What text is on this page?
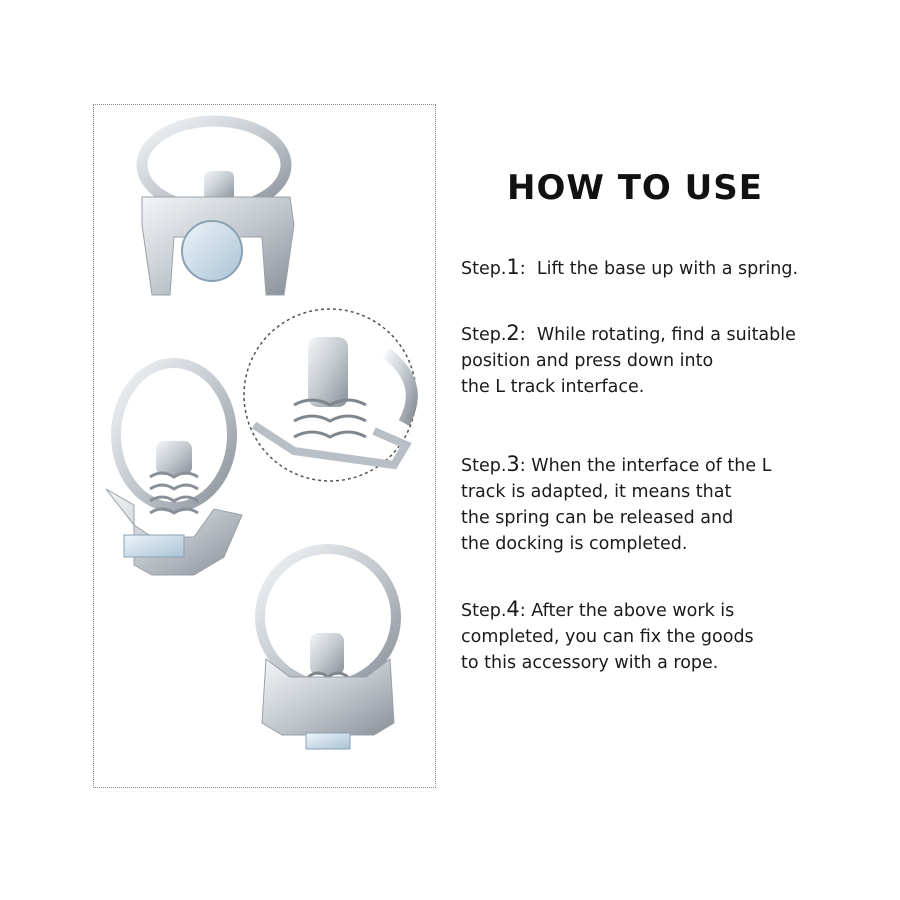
HOW TO USE
Step.1:  Lift the base up with a spring.
Step.2:  While rotating, find a suitable
position and press down into
the L track interface.
Step.3: When the interface of the L
track is adapted, it means that
the spring can be released and
the docking is completed.
Step.4: After the above work is
completed, you can fix the goods
to this accessory with a rope.
